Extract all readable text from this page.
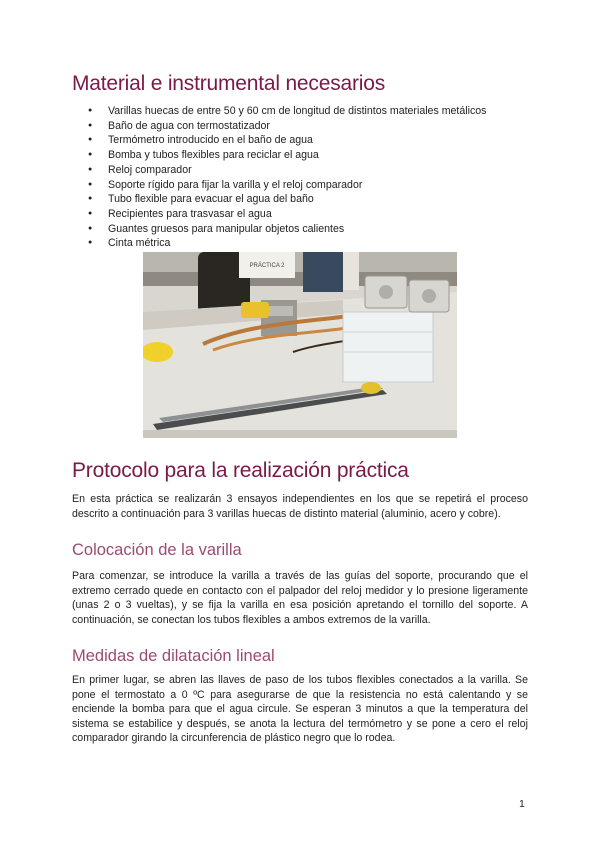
Material e instrumental necesarios
● Varillas huecas de entre 50 y 60 cm de longitud de distintos materiales metálicos
● Baño de agua con termostatizador
● Termómetro introducido en el baño de agua
● Bomba y tubos flexibles para reciclar el agua
● Reloj comparador
● Soporte rígido para fijar la varilla y el reloj comparador
● Tubo flexible para evacuar el agua del baño
● Recipientes para trasvasar el agua
● Guantes gruesos para manipular objetos calientes
● Cinta métrica
PRÁCTICA 2
Protocolo para la realización práctica

En esta práctica se realizarán 3 ensayos independientes en los que se repetirá el proceso descrito a continuación para 3 varillas huecas de distinto material (aluminio, acero y cobre).

Colocación de la varilla

Para comenzar, se introduce la varilla a través de las guías del soporte, procurando que el extremo cerrado quede en contacto con el palpador del reloj medidor y lo presione ligeramente (unas 2 o 3 vueltas), y se fija la varilla en esa posición apretando el tornillo del soporte. A continuación, se conectan los tubos flexibles a ambos extremos de la varilla.

Medidas de dilatación lineal

En primer lugar, se abren las llaves de paso de los tubos flexibles conectados a la varilla. Se pone el termostato a 0 ºC para asegurarse de que la resistencia no está calentando y se enciende la bomba para que el agua circule. Se esperan 3 minutos a que la temperatura del sistema se estabilice y después, se anota la lectura del termómetro y se pone a cero el reloj comparador girando la circunferencia de plástico negro que lo rodea.

1
